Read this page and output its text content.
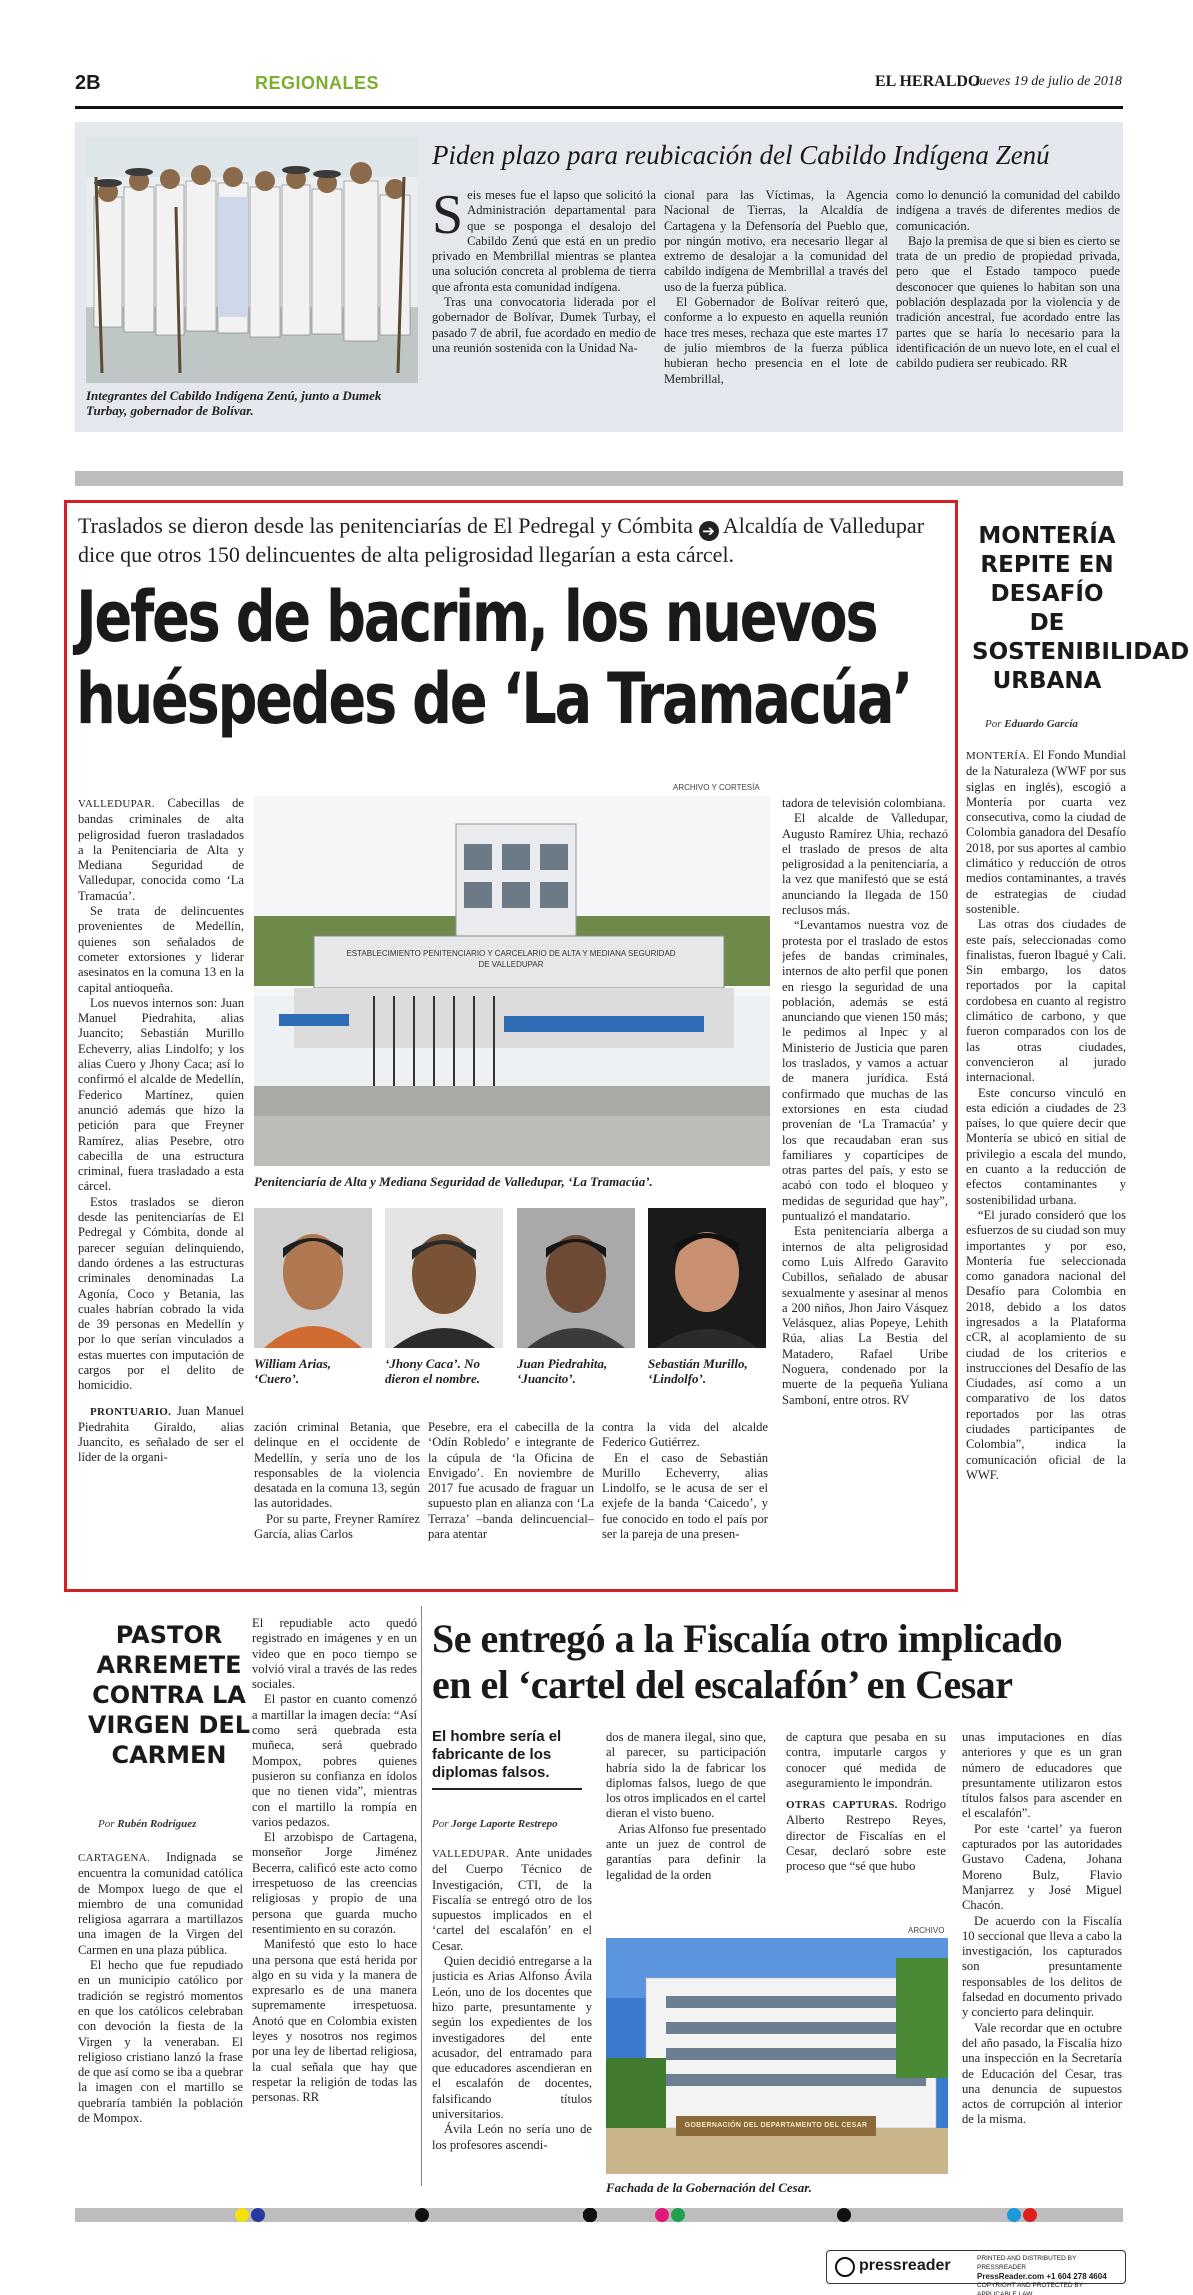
2B	REGIONALES	EL HERALDO
Jueves 19 de julio de 2018
Integrantes del Cabildo Indígena Zenú, junto a Dumek Turbay, gobernador de Bolívar.
Piden plazo para reubicación del Cabildo Indígena Zenú
S eis meses fue el lapso que solicitó la Administración departamental para que se posponga el desalojo del Cabildo Zenú que está en un predio privado en Membrillal mientras se plantea una solución concreta al problema de tierra que afronta esta comunidad indígena.

Tras una convocatoria liderada por el gobernador de Bolívar, Dumek Turbay, el pasado 7 de abril, fue acordado en medio de una reunión sostenida con la Unidad Na-

cional para las Víctimas, la Agencia Nacional de Tierras, la Alcaldía de Cartagena y la Defensoría del Pueblo que, por ningún motivo, era necesario llegar al extremo de desalojar a la comunidad del cabildo indígena de Membrillal a través del uso de la fuerza pública.

El Gobernador de Bolívar reiteró que, conforme a lo expuesto en aquella reunión hace tres meses, rechaza que este martes 17 de julio miembros de la fuerza pública hubieran hecho presencia en el lote de Membrillal,

como lo denunció la comunidad del cabildo indígena a través de diferentes medios de comunicación.

Bajo la premisa de que si bien es cierto se trata de un predio de propiedad privada, pero que el Estado tampoco puede desconocer que quienes lo habitan son una población desplazada por la violencia y de tradición ancestral, fue acordado entre las partes que se haría lo necesario para la identificación de un nuevo lote, en el cual el cabildo pudiera ser reubicado. RR

Traslados se dieron desde las penitenciarías de El Pedregal y Cómbita ➔ Alcaldía de Valledupar dice que otros 150 delincuentes de alta peligrosidad llegarían a esta cárcel.
Jefes de bacrim, los nuevos
huéspedes de ‘La Tramacúa’
ARCHIVO Y CORTESÍA
ESTABLECIMIENTO PENITENCIARIO Y CARCELARIO DE ALTA Y MEDIANA SEGURIDAD DE VALLEDUPAR
Penitenciaría de Alta y Mediana Seguridad de Valledupar, ‘La Tramacúa’.
William Arias, ‘Cuero’.
‘Jhony Caca’. No dieron el nombre.
Juan Piedrahita, ‘Juancito’.
Sebastián Murillo, ‘Lindolfo’.

VALLEDUPAR. Cabecillas de bandas criminales de alta peligrosidad fueron trasladados a la Penitenciaria de Alta y Mediana Seguridad de Valledupar, conocida como ‘La Tramacúa’.

Se trata de delincuentes provenientes de Medellín, quienes son señalados de cometer extorsiones y liderar asesinatos en la comuna 13 en la capital antioqueña.

Los nuevos internos son: Juan Manuel Piedrahita, alias Juancito; Sebastián Murillo Echeverry, alias Lindolfo; y los alias Cuero y Jhony Caca; así lo confirmó el alcalde de Medellín, Federico Martínez, quien anunció además que hizo la petición para que Freyner Ramírez, alias Pesebre, otro cabecilla de una estructura criminal, fuera trasladado a esta cárcel.

Estos traslados se dieron desde las penitenciarías de El Pedregal y Cómbita, donde al parecer seguían delinquiendo, dando órdenes a las estructuras criminales denominadas La Agonía, Coco y Betania, las cuales habrían cobrado la vida de 39 personas en Medellín y por lo que serían vinculados a estas muertes con imputación de cargos por el delito de homicidio.

PRONTUARIO. Juan Manuel Piedrahita Giraldo, alias Juancito, es señalado de ser el líder de la organi-

zación criminal Betania, que delinque en el occidente de Medellín, y sería uno de los responsables de la violencia desatada en la comuna 13, según las autoridades.

Por su parte, Freyner Ramírez García, alias Carlos

Pesebre, era el cabecilla de la ‘Odín Robledo’ e integrante de la cúpula de ‘la Oficina de Envigado’. En noviembre de 2017 fue acusado de fraguar un supuesto plan en alianza con ‘La Terraza’ –banda delincuencial– para atentar

contra la vida del alcalde Federico Gutiérrez.

En el caso de Sebastián Murillo Echeverry, alias Lindolfo, se le acusa de ser el exjefe de la banda ‘Caicedo’, y fue conocido en todo el país por ser la pareja de una presen-

tadora de televisión colombiana.

El alcalde de Valledupar, Augusto Ramírez Uhia, rechazó el traslado de presos de alta peligrosidad a la penitenciaría, a la vez que manifestó que se está anunciando la llegada de 150 reclusos más.

“Levantamos nuestra voz de protesta por el traslado de estos jefes de bandas criminales, internos de alto perfil que ponen en riesgo la seguridad de una población, además se está anunciando que vienen 150 más; le pedimos al Inpec y al Ministerio de Justicia que paren los traslados, y vamos a actuar de manera jurídica. Está confirmado que muchas de las extorsiones en esta ciudad provenían de ‘La Tramacúa’ y los que recaudaban eran sus familiares y copartícipes de otras partes del país, y esto se acabó con todo el bloqueo y medidas de seguridad que hay”, puntualizó el mandatario.

Esta penitenciaría alberga a internos de alta peligrosidad como Luis Alfredo Garavito Cubillos, señalado de abusar sexualmente y asesinar al menos a 200 niños, Jhon Jairo Vásquez Velásquez, alias Popeye, Lehith Rúa, alias La Bestia del Matadero, Rafael Uribe Noguera, condenado por la muerte de la pequeña Yuliana Samboní, entre otros. RV

MONTERÍA REPITE EN DESAFÍO DE SOSTENIBILIDAD URBANA
Por Eduardo García

MONTERÍA. El Fondo Mundial de la Naturaleza (WWF por sus siglas en inglés), escogió a Montería por cuarta vez consecutiva, como la ciudad de Colombia ganadora del Desafío 2018, por sus aportes al cambio climático y reducción de otros medios contaminantes, a través de estrategias de ciudad sostenible.

Las otras dos ciudades de este país, seleccionadas como finalistas, fueron Ibagué y Cali. Sin embargo, los datos reportados por la capital cordobesa en cuanto al registro climático de carbono, y que fueron comparados con los de las otras ciudades, convencieron al jurado internacional.

Este concurso vinculó en esta edición a ciudades de 23 países, lo que quiere decir que Montería se ubicó en sitial de privilegio a escala del mundo, en cuanto a la reducción de efectos contaminantes y sostenibilidad urbana.

“El jurado consideró que los esfuerzos de su ciudad son muy importantes y por eso, Montería fue seleccionada como ganadora nacional del Desafío para Colombia en 2018, debido a los datos ingresados a la Plataforma cCR, al acoplamiento de su ciudad de los criterios e instrucciones del Desafío de las Ciudades, así como a un comparativo de los datos reportados por las otras ciudades participantes de Colombia”, indica la comunicación oficial de la WWF.

PASTOR ARREMETE CONTRA LA VIRGEN DEL CARMEN
Por Rubén Rodríguez

CARTAGENA. Indignada se encuentra la comunidad católica de Mompox luego de que el miembro de una comunidad religiosa agarrara a martillazos una imagen de la Virgen del Carmen en una plaza pública.

El hecho que fue repudiado en un municipio católico por tradición se registró momentos en que los católicos celebraban con devoción la fiesta de la Virgen y la veneraban. El religioso cristiano lanzó la frase de que así como se iba a quebrar la imagen con el martillo se quebraría también la población de Mompox.

El repudiable acto quedó registrado en imágenes y en un video que en poco tiempo se volvió viral a través de las redes sociales.

El pastor en cuanto comenzó a martillar la imagen decía: “Así como será quebrada esta muñeca, será quebrado Mompox, pobres quienes pusieron su confianza en ídolos que no tienen vida”, mientras con el martillo la rompía en varios pedazos.

El arzobispo de Cartagena, monseñor Jorge Jiménez Becerra, calificó este acto como irrespetuoso de las creencias religiosas y propio de una persona que guarda mucho resentimiento en su corazón.

Manifestó que esto lo hace una persona que está herida por algo en su vida y la manera de expresarlo es de una manera supremamente irrespetuosa. Anotó que en Colombia existen leyes y nosotros nos regimos por una ley de libertad religiosa, la cual señala que hay que respetar la religión de todas las personas. RR

Se entregó a la Fiscalía otro implicado
en el ‘cartel del escalafón’ en Cesar
El hombre sería el fabricante de los diplomas falsos.
Por Jorge Laporte Restrepo

VALLEDUPAR. Ante unidades del Cuerpo Técnico de Investigación, CTI, de la Fiscalía se entregó otro de los supuestos implicados en el ‘cartel del escalafón’ en el Cesar.

Quien decidió entregarse a la justicia es Arias Alfonso Ávila León, uno de los docentes que hizo parte, presuntamente y según los expedientes de los investigadores del ente acusador, del entramado para que educadores ascendieran en el escalafón de docentes, falsificando títulos universitarios.

Ávila León no sería uno de los profesores ascendi-

dos de manera ilegal, sino que, al parecer, su participación habría sido la de fabricar los diplomas falsos, luego de que los otros implicados en el cartel dieran el visto bueno.

Arias Alfonso fue presentado ante un juez de control de garantías para definir la legalidad de la orden

de captura que pesaba en su contra, imputarle cargos y conocer qué medida de aseguramiento le impondrán.

OTRAS CAPTURAS. Rodrigo Alberto Restrepo Reyes, director de Fiscalías en el Cesar, declaró sobre este proceso que “sé que hubo

unas imputaciones en días anteriores y que es un gran número de educadores que presuntamente utilizaron estos títulos falsos para ascender en el escalafón”.

Por este ‘cartel’ ya fueron capturados por las autoridades Gustavo Cadena, Johana Moreno Bulz, Flavio Manjarrez y José Miguel Chacón.

De acuerdo con la Fiscalía 10 seccional que lleva a cabo la investigación, los capturados son presuntamente responsables de los delitos de falsedad en documento privado y concierto para delinquir.

Vale recordar que en octubre del año pasado, la Fiscalía hizo una inspección en la Secretaría de Educación del Cesar, tras una denuncia de supuestos actos de corrupción al interior de la misma.

ARCHIVO
GOBERNACIÓN DEL DEPARTAMENTO DEL CESAR
Fachada de la Gobernación del Cesar.
pressreader	PRINTED AND DISTRIBUTED BY PRESSREADER
PressReader.com +1 604 278 4604
COPYRIGHT AND PROTECTED BY APPLICABLE LAW
